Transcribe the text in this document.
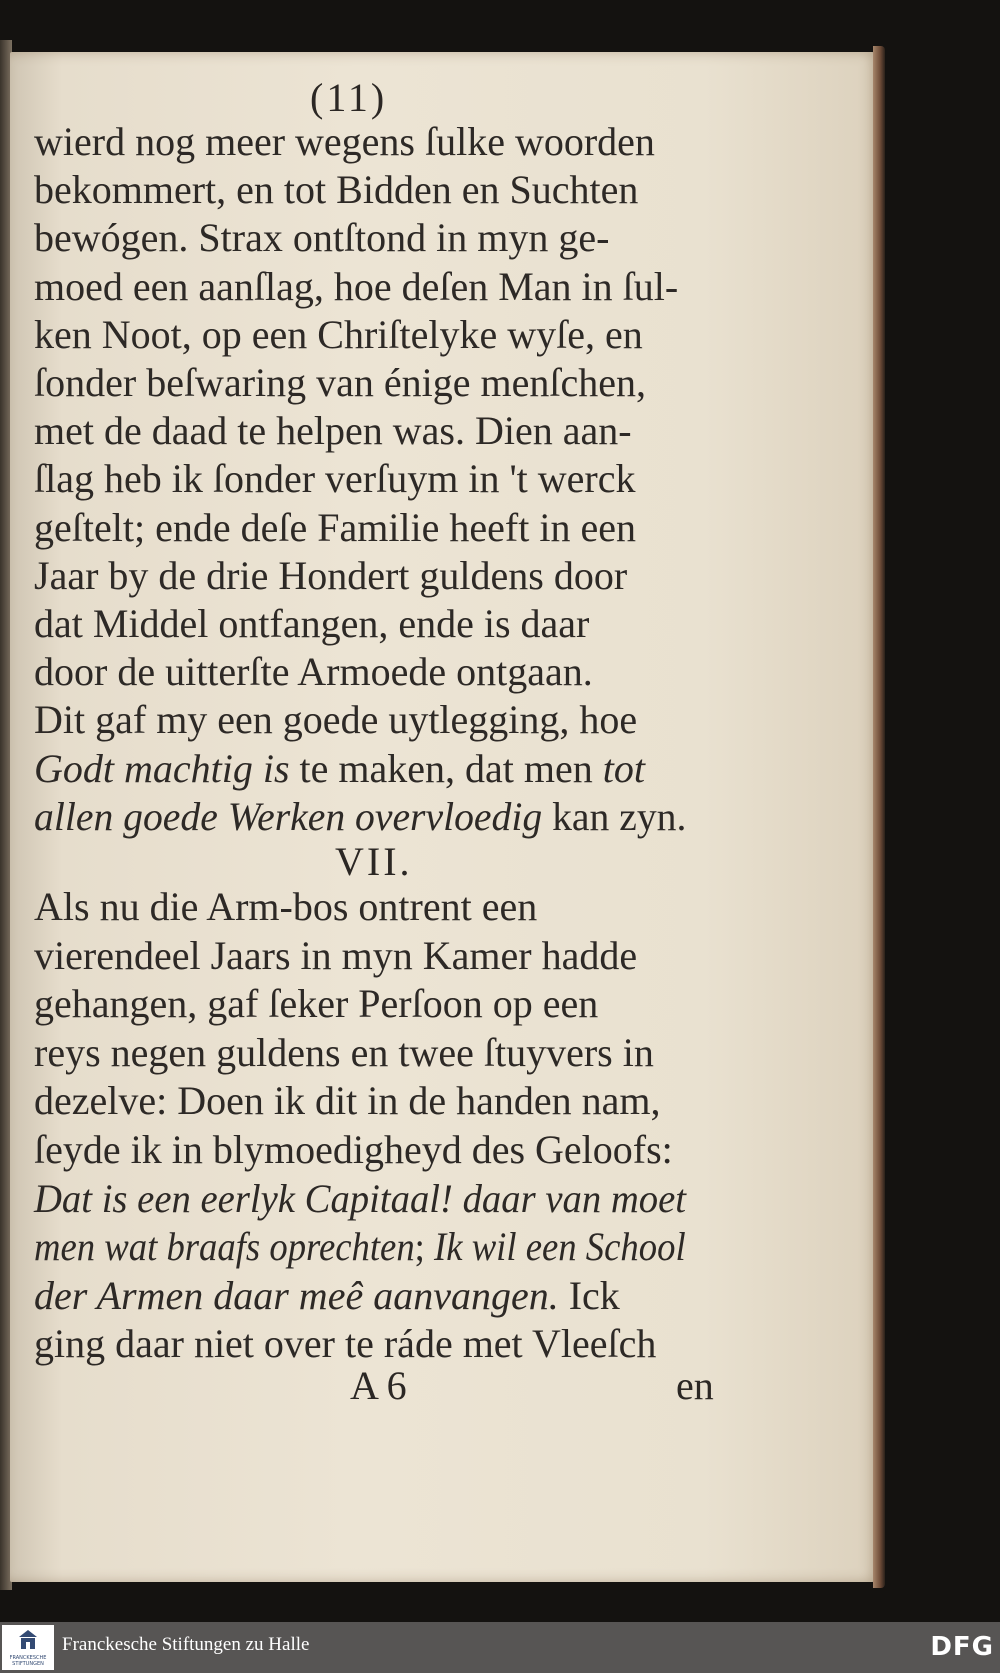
(11)
wierd nog meer wegens ſulke woorden
bekommert, en tot Bidden en Suchten
bewógen. Strax ontſtond in myn ge-
moed een aanſlag, hoe deſen Man in ſul-
ken Noot, op een Chriſtelyke wyſe, en
ſonder beſwaring van énige menſchen,
met de daad te helpen was. Dien aan-
ſlag heb ik ſonder verſuym in 't werck
geſtelt; ende deſe Familie heeft in een
Jaar by de drie Hondert guldens door
dat Middel ontfangen, ende is daar
door de uitterſte Armoede ontgaan.
Dit gaf my een goede uytlegging, hoe
Godt machtig is te maken, dat men tot
allen goede Werken overvloedig kan zyn.
Als nu die Arm-bos ontrent een
vierendeel Jaars in myn Kamer hadde
gehangen, gaf ſeker Perſoon op een
reys negen guldens en twee ſtuyvers in
dezelve: Doen ik dit in de handen nam,
ſeyde ik in blymoedigheyd des Geloofs:
Dat is een eerlyk Capitaal! daar van moet
men wat braafs oprechten; Ik wil een School
der Armen daar meê aanvangen. Ick
ging daar niet over te ráde met Vleeſch
VII.
A 6	en
FRANCKESCHE STIFTUNGEN
Franckesche Stiftungen zu Halle	DFG
